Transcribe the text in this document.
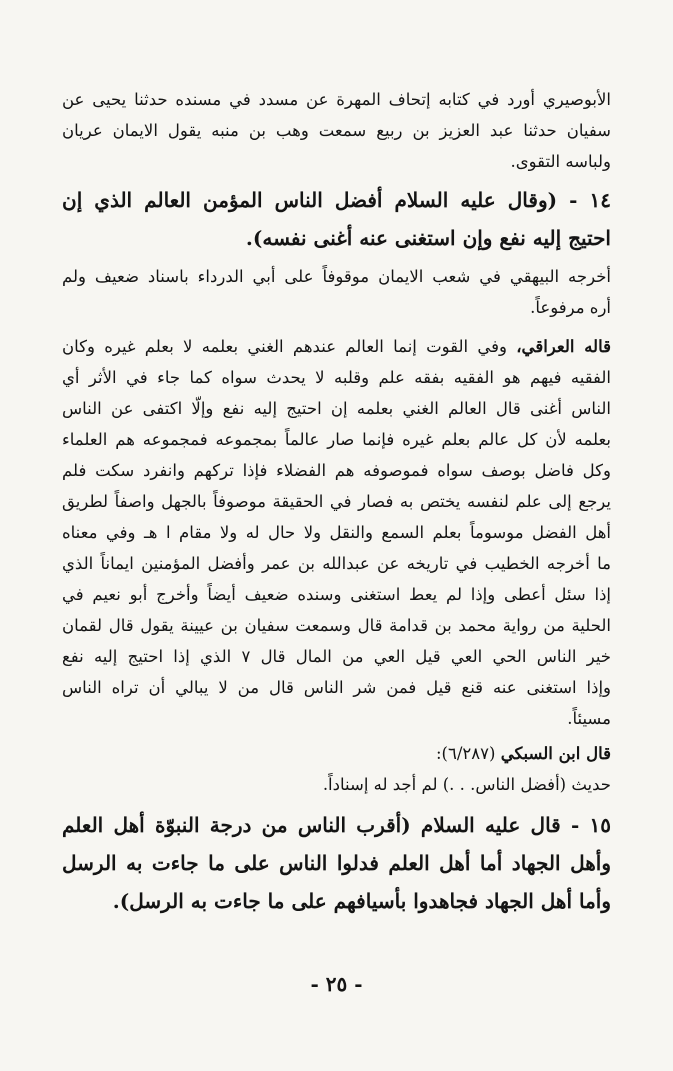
الأبوصيري أورد في كتابه إتحاف المهرة عن مسدد في مسنده حدثنا يحيى عن
سفيان حدثنا عبد العزيز بن ربيع سمعت وهب بن منبه يقول الايمان عريان
ولباسه التقوى.
١٤ - (وقال عليه السلام أفضل الناس المؤمن العالم الذي إن
احتيج إليه نفع وإن استغنى عنه أغنى نفسه).
أخرجه البيهقي في شعب الايمان موقوفاً على أبي الدرداء باسناد ضعيف ولم
أره مرفوعاً.
قاله العراقي، وفي القوت إنما العالم عندهم الغني بعلمه لا بعلم غيره وكان
الفقيه فيهم هو الفقيه بفقه علم وقلبه لا يحدث سواه كما جاء في الأثر أي
الناس أغنى قال العالم الغني بعلمه إن احتيج إليه نفع وإلّا اكتفى عن الناس
بعلمه لأن كل عالم بعلم غيره فإنما صار عالماً بمجموعه فمجموعه هم العلماء
وكل فاضل بوصف سواه فموصوفه هم الفضلاء فإذا تركهم وانفرد سكت فلم
يرجع إلى علم لنفسه يختص به فصار في الحقيقة موصوفاً بالجهل واصفاً لطريق
أهل الفضل موسوماً بعلم السمع والنقل ولا حال له ولا مقام ا هـ وفي معناه
ما أخرجه الخطيب في تاريخه عن عبدالله بن عمر وأفضل المؤمنين ايماناً الذي
إذا سئل أعطى وإذا لم يعط استغنى وسنده ضعيف أيضاً وأخرج أبو نعيم في
الحلية من رواية محمد بن قدامة قال وسمعت سفيان بن عيينة يقول قال لقمان
خير الناس الحي العي قيل العي من المال قال ٧ الذي إذا احتيج إليه نفع
وإذا استغنى عنه قنع قيل فمن شر الناس قال من لا يبالي أن تراه الناس
مسيئاً.
قال ابن السبكي (٦/٢٨٧):
حديث (أفضل الناس. . .) لم أجد له إسناداً.
١٥ - قال عليه السلام (أقرب الناس من درجة النبوّة أهل العلم
وأهل الجهاد أما أهل العلم فدلوا الناس على ما جاءت به الرسل
وأما أهل الجهاد فجاهدوا بأسيافهم على ما جاءت به الرسل).
- ٢٥ -
